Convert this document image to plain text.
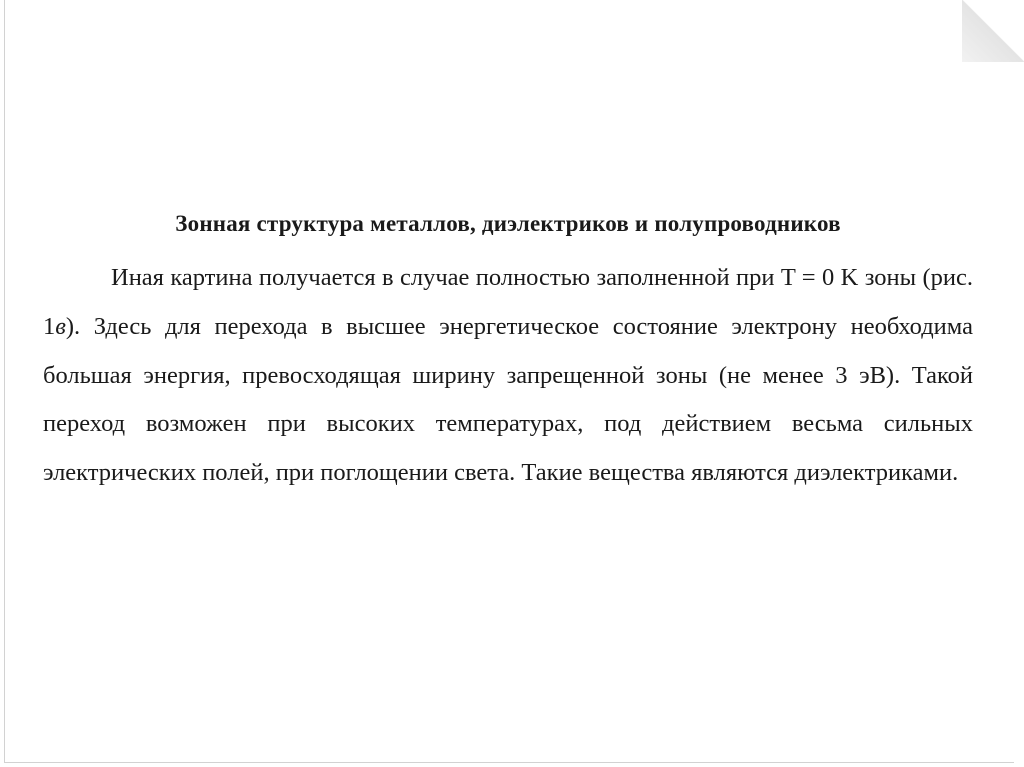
Зонная структура металлов, диэлектриков и полупроводников

Иная картина получается в случае полностью заполненной при T = 0 K зоны (рис. 1в). Здесь для перехода в высшее энергетическое состояние электрону необходима большая энергия, превосходящая ширину запрещенной зоны (не менее 3 эВ). Такой переход возможен при высоких температурах, под действием весьма сильных электрических полей, при поглощении света. Такие вещества являются диэлектриками.
